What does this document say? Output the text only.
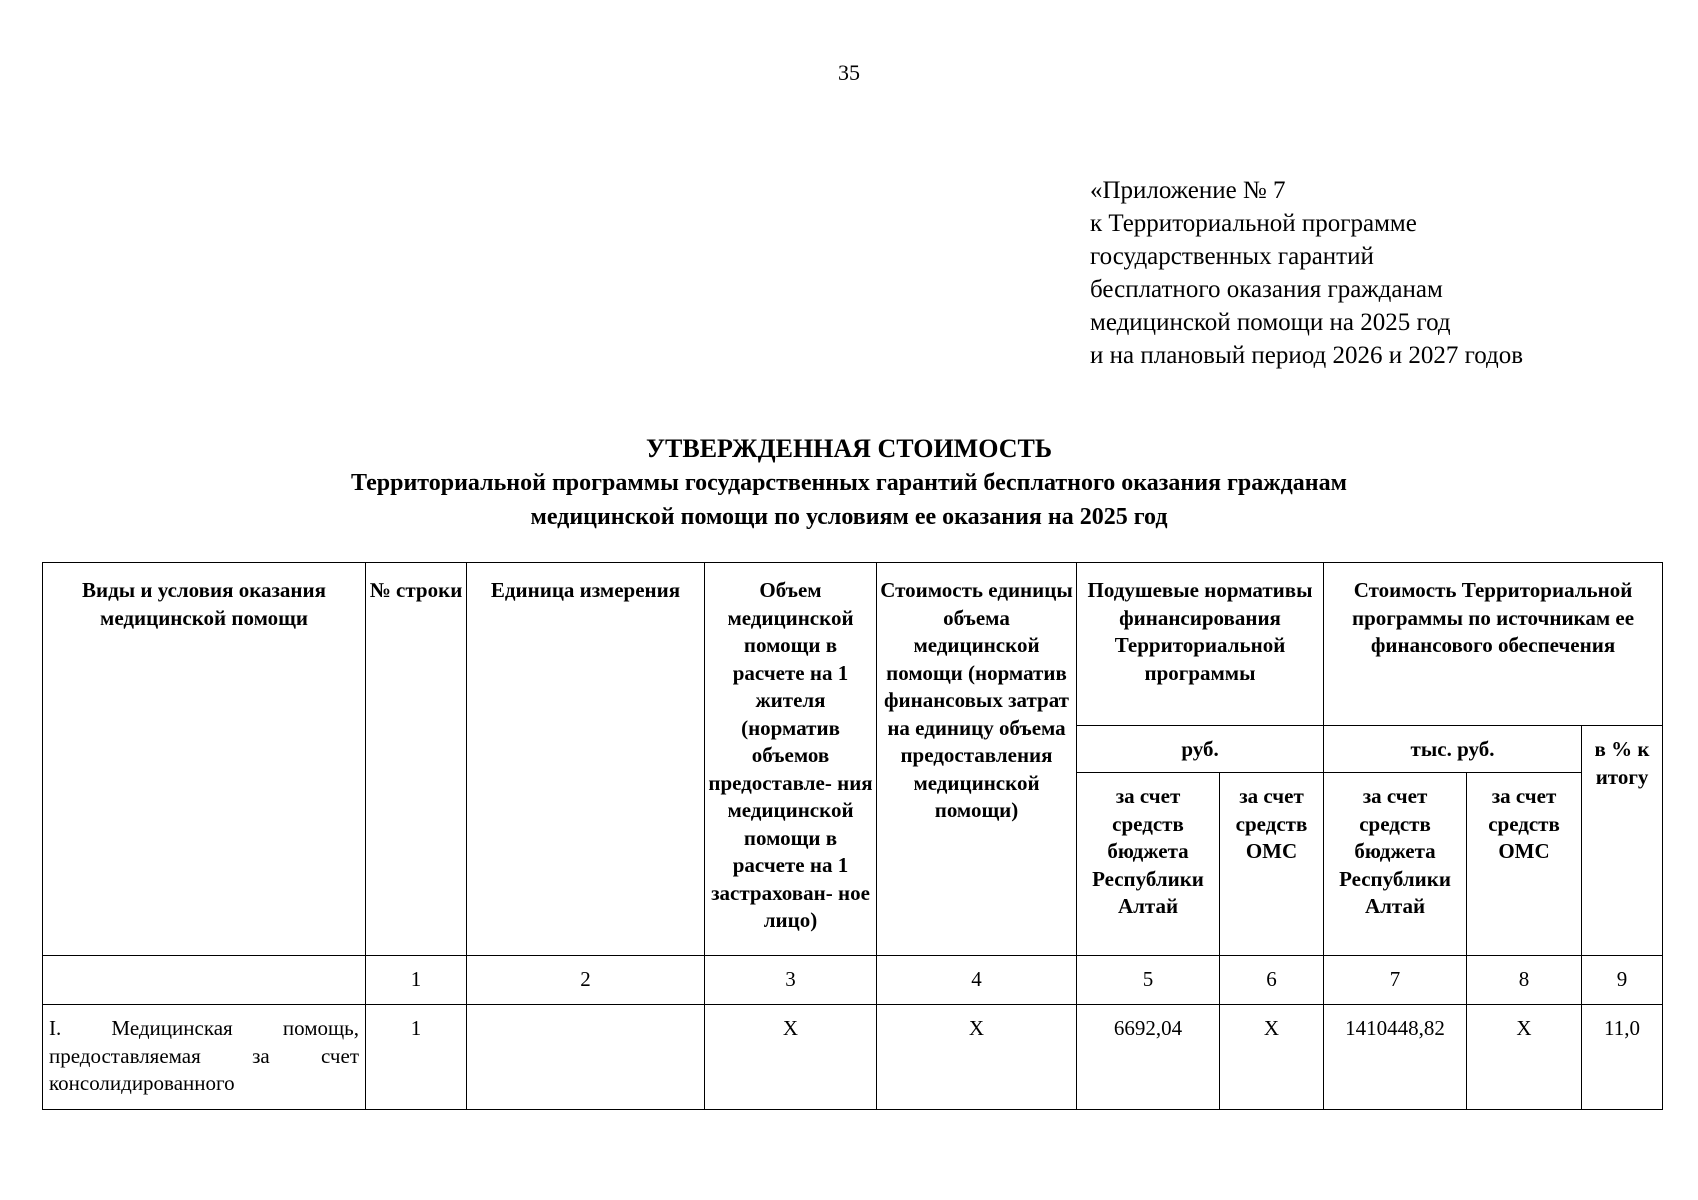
35
«Приложение № 7
к Территориальной программе
государственных гарантий
бесплатного оказания гражданам
медицинской помощи на 2025 год
и на плановый период 2026 и 2027 годов
УТВЕРЖДЕННАЯ СТОИМОСТЬ
Территориальной программы государственных гарантий бесплатного оказания гражданам
медицинской помощи по условиям ее оказания на 2025 год
Виды и условия оказания медицинской помощи	№ строки	Единица измерения	Объем медицинской помощи в расчете на 1 жителя (норматив объемов предоставле- ния медицинской помощи в расчете на 1 застрахован- ное лицо)	Стоимость единицы объема медицинской помощи (норматив финансовых затрат на единицу объема предоставления медицинской помощи)	Подушевые нормативы финансирования Территориальной программы		Стоимость Территориальной программы по источникам ее финансового обеспечения		
					руб.		тыс. руб.		в % к итогу
					за счет средств бюджета Республики Алтай	за счет средств ОМС	за счет средств бюджета Республики Алтай	за счет средств ОМС	
	1	2	3	4	5	6	7	8	9
I. Медицинская помощь, предоставляемая за счет консолидированного	1		Х	Х	6692,04	Х	1410448,82	Х	11,0
